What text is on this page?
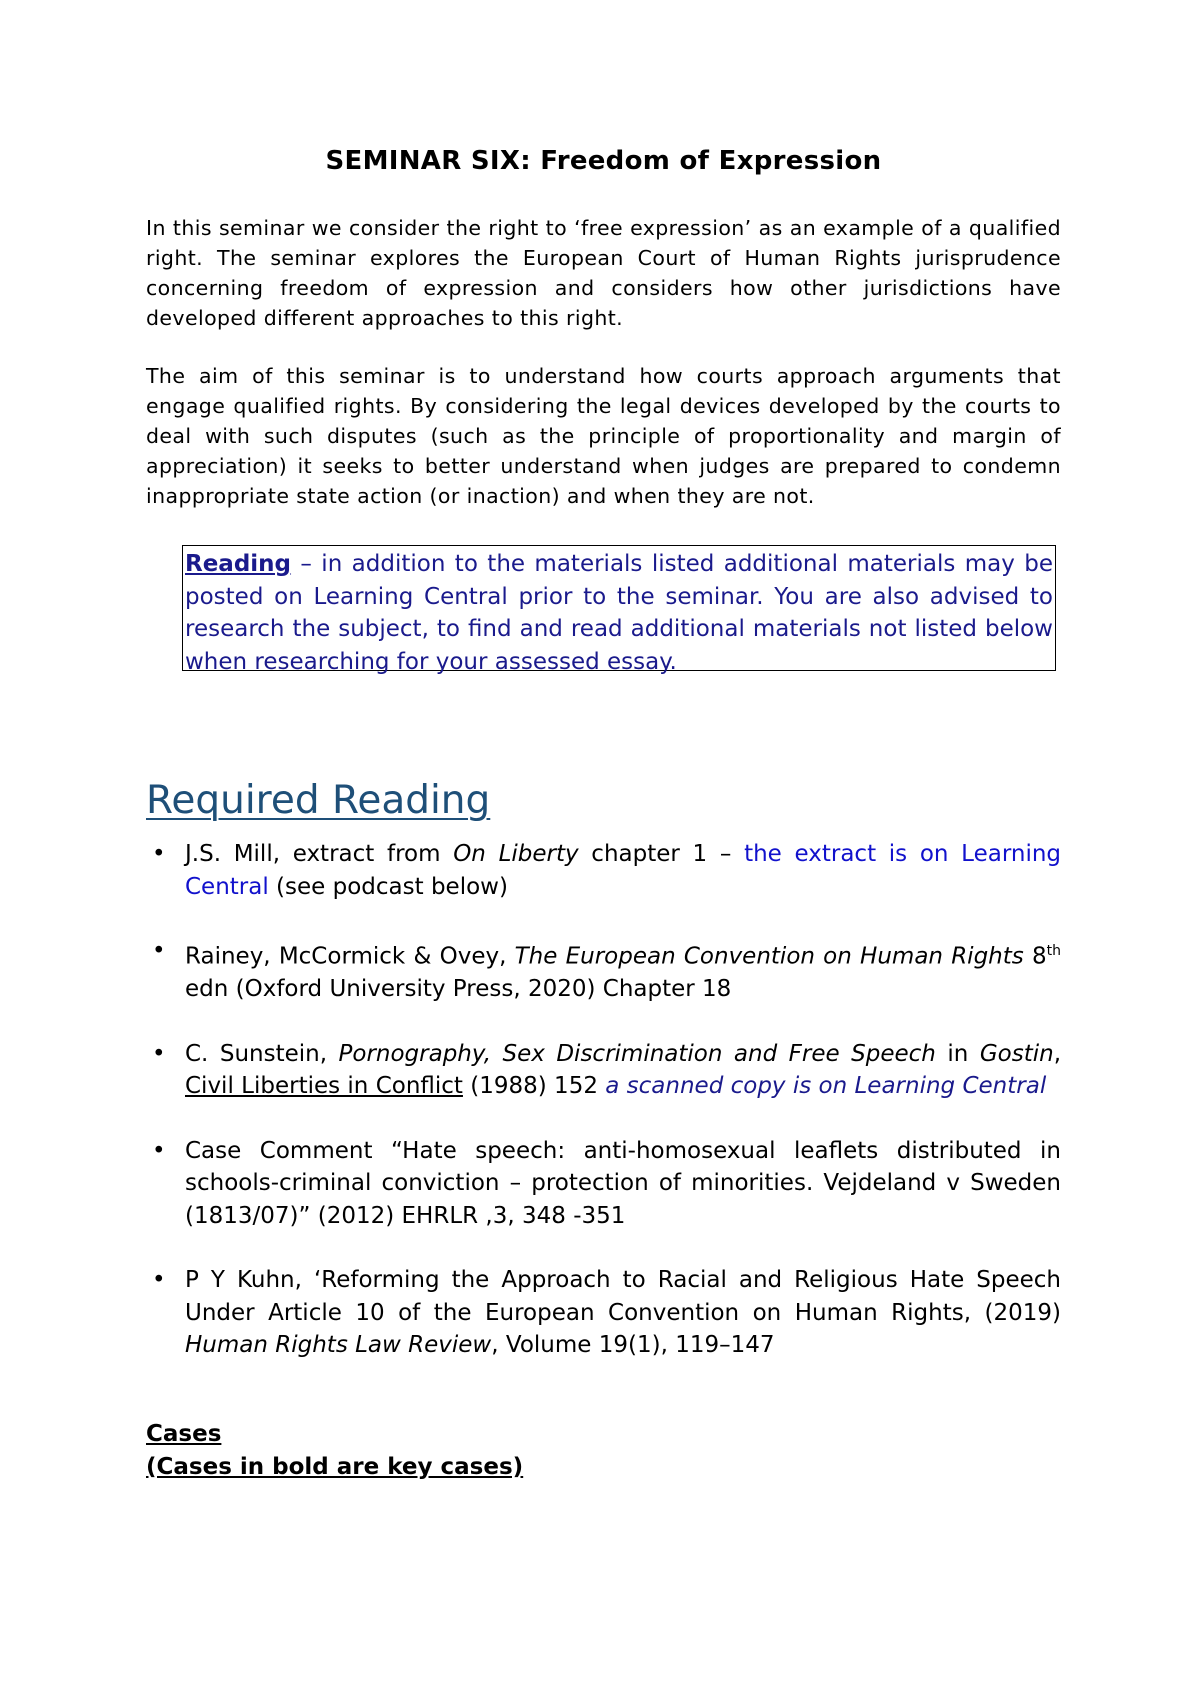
SEMINAR SIX: Freedom of Expression
In this seminar we consider the right to ‘free expression’ as an example of a qualified right. The seminar explores the European Court of Human Rights jurisprudence concerning freedom of expression and considers how other jurisdictions have developed different approaches to this right.
The aim of this seminar is to understand how courts approach arguments that engage qualified rights. By considering the legal devices developed by the courts to deal with such disputes (such as the principle of proportionality and margin of appreciation) it seeks to better understand when judges are prepared to condemn inappropriate state action (or inaction) and when they are not.
Reading – in addition to the materials listed additional materials may be posted on Learning Central prior to the seminar. You are also advised to research the subject, to find and read additional materials not listed below when researching for your assessed essay.
Required Reading
• J.S. Mill, extract from On Liberty chapter 1 – the extract is on Learning Central (see podcast below)
• Rainey, McCormick & Ovey, The European Convention on Human Rights 8th edn (Oxford University Press, 2020) Chapter 18
• C. Sunstein, Pornography, Sex Discrimination and Free Speech in Gostin, Civil Liberties in Conflict (1988) 152 a scanned copy is on Learning Central
• Case Comment “Hate speech: anti-homosexual leaflets distributed in schools-criminal conviction – protection of minorities. Vejdeland v Sweden (1813/07)” (2012) EHRLR ,3, 348 -351
• P Y Kuhn, ‘Reforming the Approach to Racial and Religious Hate Speech Under Article 10 of the European Convention on Human Rights, (2019) Human Rights Law Review, Volume 19(1), 119–147
Cases
(Cases in bold are key cases)
